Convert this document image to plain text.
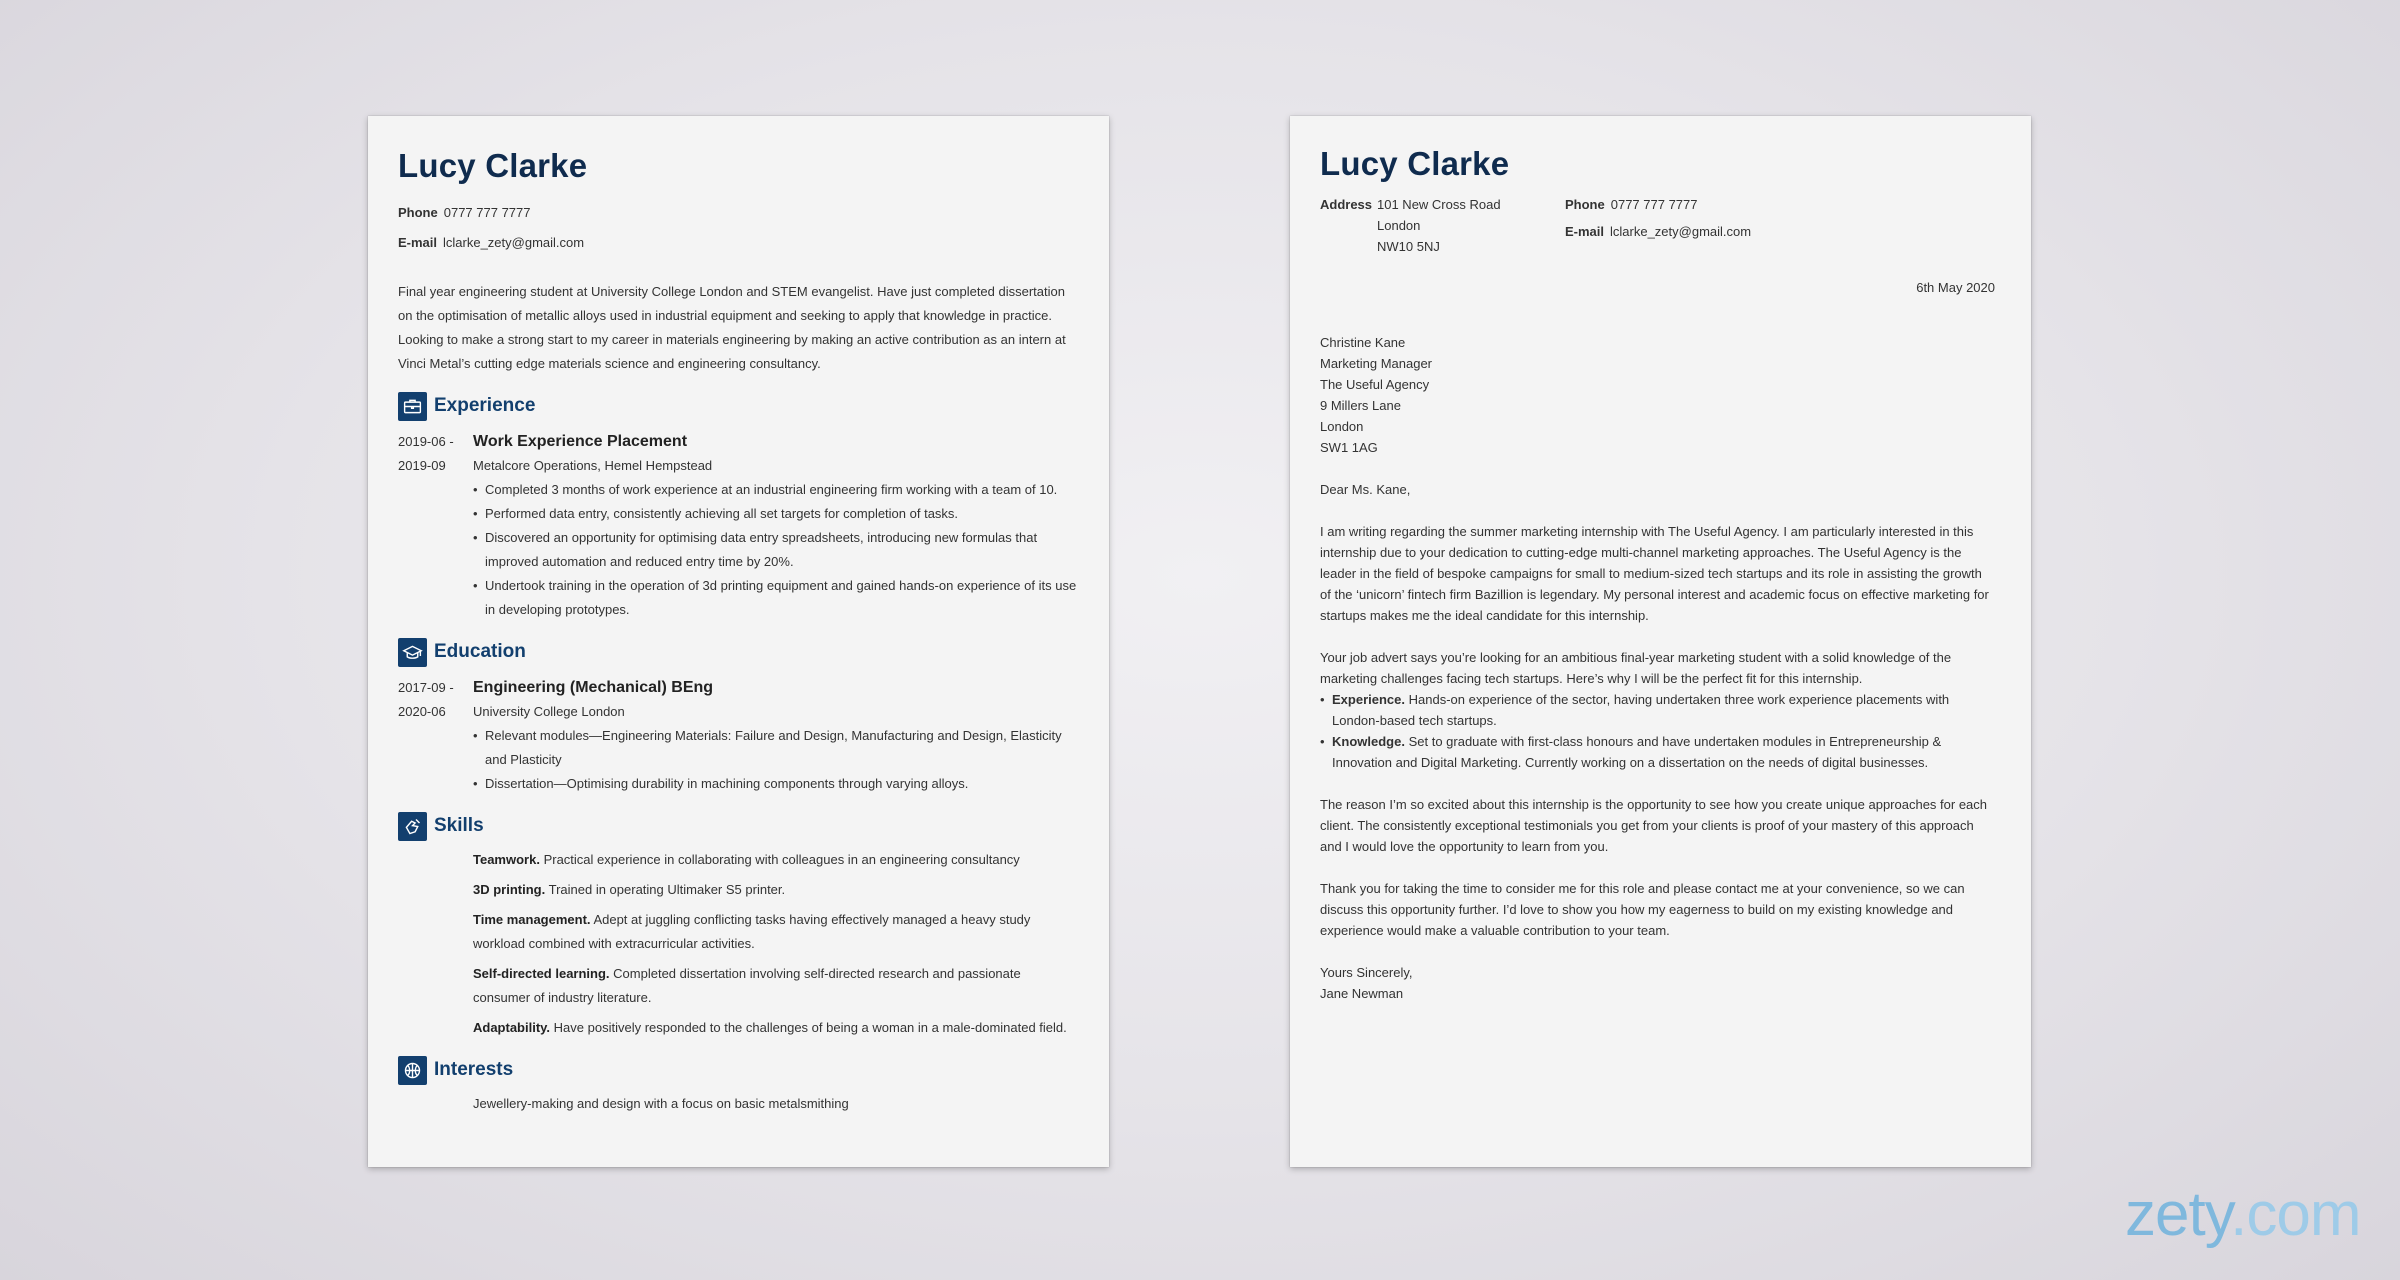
Lucy Clarke
Phone 0777 777 7777
E-mail lclarke_zety@gmail.com
Final year engineering student at University College London and STEM evangelist. Have just completed dissertation on the optimisation of metallic alloys used in industrial equipment and seeking to apply that knowledge in practice. Looking to make a strong start to my career in materials engineering by making an active contribution as an intern at Vinci Metal’s cutting edge materials science and engineering consultancy.
Experience
2019-06 -
2019-09
Work Experience Placement
Metalcore Operations, Hemel Hempstead
• Completed 3 months of work experience at an industrial engineering firm working with a team of 10.
• Performed data entry, consistently achieving all set targets for completion of tasks.
• Discovered an opportunity for optimising data entry spreadsheets, introducing new formulas that improved automation and reduced entry time by 20%.
• Undertook training in the operation of 3d printing equipment and gained hands-on experience of its use in developing prototypes.
Education
2017-09 -
2020-06
Engineering (Mechanical) BEng
University College London
• Relevant modules—Engineering Materials: Failure and Design, Manufacturing and Design, Elasticity and Plasticity
• Dissertation—Optimising durability in machining components through varying alloys.
Skills
Teamwork. Practical experience in collaborating with colleagues in an engineering consultancy
3D printing. Trained in operating Ultimaker S5 printer.
Time management. Adept at juggling conflicting tasks having effectively managed a heavy study workload combined with extracurricular activities.
Self-directed learning. Completed dissertation involving self-directed research and passionate consumer of industry literature.
Adaptability. Have positively responded to the challenges of being a woman in a male-dominated field.
Interests
Jewellery-making and design with a focus on basic metalsmithing
Lucy Clarke
Address 101 New Cross Road
London
NW10 5NJ
Phone 0777 777 7777
E-mail lclarke_zety@gmail.com
6th May 2020
Christine Kane
Marketing Manager
The Useful Agency
9 Millers Lane
London
SW1 1AG

Dear Ms. Kane,

I am writing regarding the summer marketing internship with The Useful Agency. I am particularly interested in this internship due to your dedication to cutting-edge multi-channel marketing approaches. The Useful Agency is the leader in the field of bespoke campaigns for small to medium-sized tech startups and its role in assisting the growth of the ‘unicorn’ fintech firm Bazillion is legendary. My personal interest and academic focus on effective marketing for startups makes me the ideal candidate for this internship.

Your job advert says you’re looking for an ambitious final-year marketing student with a solid knowledge of the marketing challenges facing tech startups. Here’s why I will be the perfect fit for this internship.

• Experience. Hands-on experience of the sector, having undertaken three work experience placements with London-based tech startups.
• Knowledge. Set to graduate with first-class honours and have undertaken modules in Entrepreneurship & Innovation and Digital Marketing. Currently working on a dissertation on the needs of digital businesses.

The reason I’m so excited about this internship is the opportunity to see how you create unique approaches for each client. The consistently exceptional testimonials you get from your clients is proof of your mastery of this approach and I would love the opportunity to learn from you.

Thank you for taking the time to consider me for this role and please contact me at your convenience, so we can discuss this opportunity further. I’d love to show you how my eagerness to build on my existing knowledge and experience would make a valuable contribution to your team.

Yours Sincerely,

Jane Newman
zety.com
